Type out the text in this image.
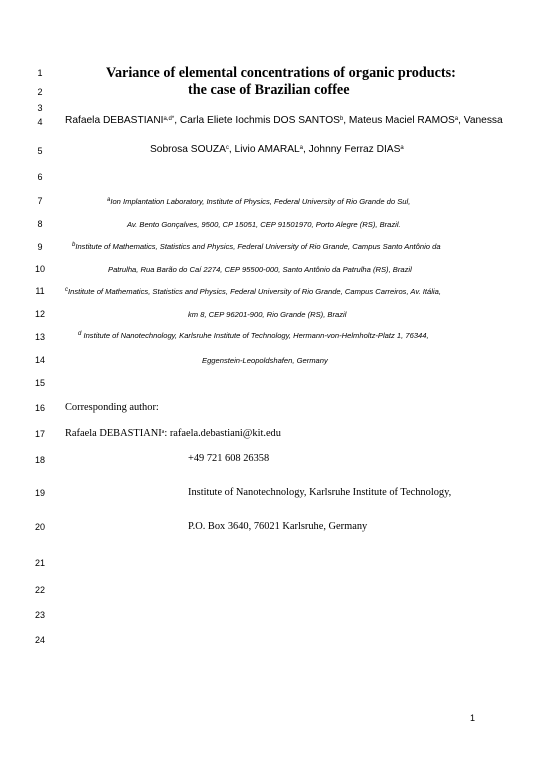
1
2
3
4
5
6
7
8
9
10
11
12
13
14
15
16
17
18
19
20
21
22
23
24
Variance of elemental concentrations of organic products:
the case of Brazilian coffee
Rafaela $DEBASTIANI^{a,d*}$, Carla Eliete Iochmis DOS SANTOS$^b$, Mateus Maciel RAMOS$^a$, Vanessa
Sobrosa SOUZA$^c$, Livio AMARAL$^a$, Johnny Ferraz DIAS$^a$
$^a$Ion Implantation Laboratory, Institute of Physics, Federal University of Rio Grande do Sul,
Av. Bento Gonçalves, 9500, CP 15051, CEP 91501970, Porto Alegre (RS), Brazil.
$^b$Institute of Mathematics, Statistics and Physics, Federal University of Rio Grande, Campus Santo Antônio da
Patrulha, Rua Barão do Caí 2274, CEP 95500-000, Santo Antônio da Patrulha (RS), Brazil
$^c$Institute of Mathematics, Statistics and Physics, Federal University of Rio Grande, Campus Carreiros, Av. Itália,
km 8, CEP 96201-900, Rio Grande (RS), Brazil
$^d$ Institute of Nanotechnology, Karlsruhe Institute of Technology, Hermann-von-Helmholtz-Platz 1, 76344,
Eggenstein-Leopoldshafen, Germany
Corresponding author:
Rafaela DEBASTIANI$^a$: rafaela.debastiani@kit.edu
+49 721 608 26358
Institute of Nanotechnology, Karlsruhe Institute of Technology,
P.O. Box 3640, 76021 Karlsruhe, Germany
1
